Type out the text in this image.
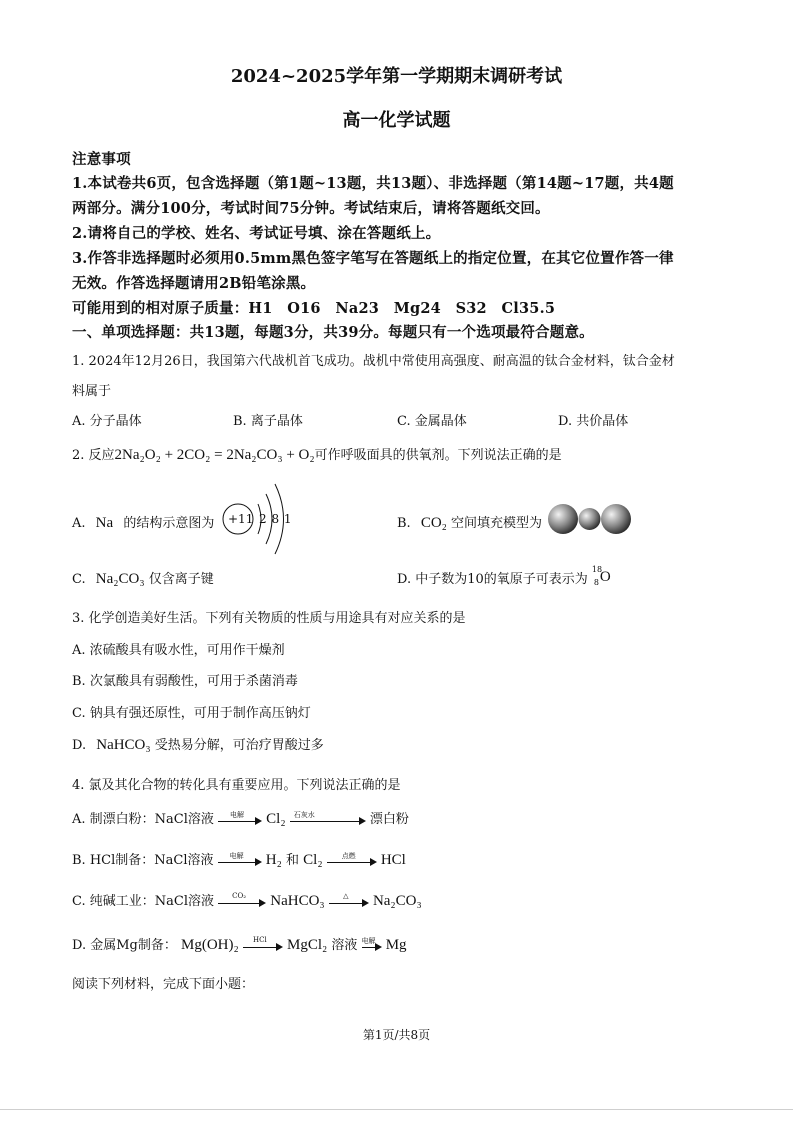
2024~2025学年第一学期期末调研考试
高一化学试题
注意事项
1.本试卷共6页，包含选择题（第1题~13题，共13题）、非选择题（第14题~17题，共4题
两部分。满分100分，考试时间75分钟。考试结束后，请将答题纸交回。
2.请将自己的学校、姓名、考试证号填、涂在答题纸上。
3.作答非选择题时必须用0.5mm黑色签字笔写在答题纸上的指定位置，在其它位置作答一律
无效。作答选择题请用2B铅笔涂黑。
可能用到的相对原子质量：H1　O16　Na23　Mg24　S32　Cl35.5
一、单项选择题：共13题，每题3分，共39分。每题只有一个选项最符合题意。
1. 2024年12月26日，我国第六代战机首飞成功。战机中常使用高强度、耐高温的钛合金材料，钛合金材
料属于
A. 分子晶体	B. 离子晶体	C. 金属晶体	D. 共价晶体
2. 反应2Na₂O₂ + 2CO₂ = 2Na₂CO₃ + O₂可作呼吸面具的供氧剂。下列说法正确的是
A. Na 的结构示意图为 +11 2 8 1	B. CO₂ 空间填充模型为
C. Na₂CO₃ 仅含离子键	D. 中子数为10的氧原子可表示为
18
8 O
3. 化学创造美好生活。下列有关物质的性质与用途具有对应关系的是
A. 浓硫酸具有吸水性，可用作干燥剂
B. 次氯酸具有弱酸性，可用于杀菌消毒
C. 钠具有强还原性，可用于制作高压钠灯
D. NaHCO₃ 受热易分解，可治疗胃酸过多
4. 氯及其化合物的转化具有重要应用。下列说法正确的是
A. 制漂白粉：NaCl溶液	电解	Cl₂	石灰水	漂白粉
B. HCl制备：NaCl溶液	电解	H₂ 和 Cl₂	点燃	HCl
C. 纯碱工业：NaCl溶液	CO₂	NaHCO₃	△	Na₂CO₃
D. 金属Mg制备： Mg(OH)₂	HCl	MgCl₂ 溶液 电解 Mg
阅读下列材料，完成下面小题：
第1页/共8页
